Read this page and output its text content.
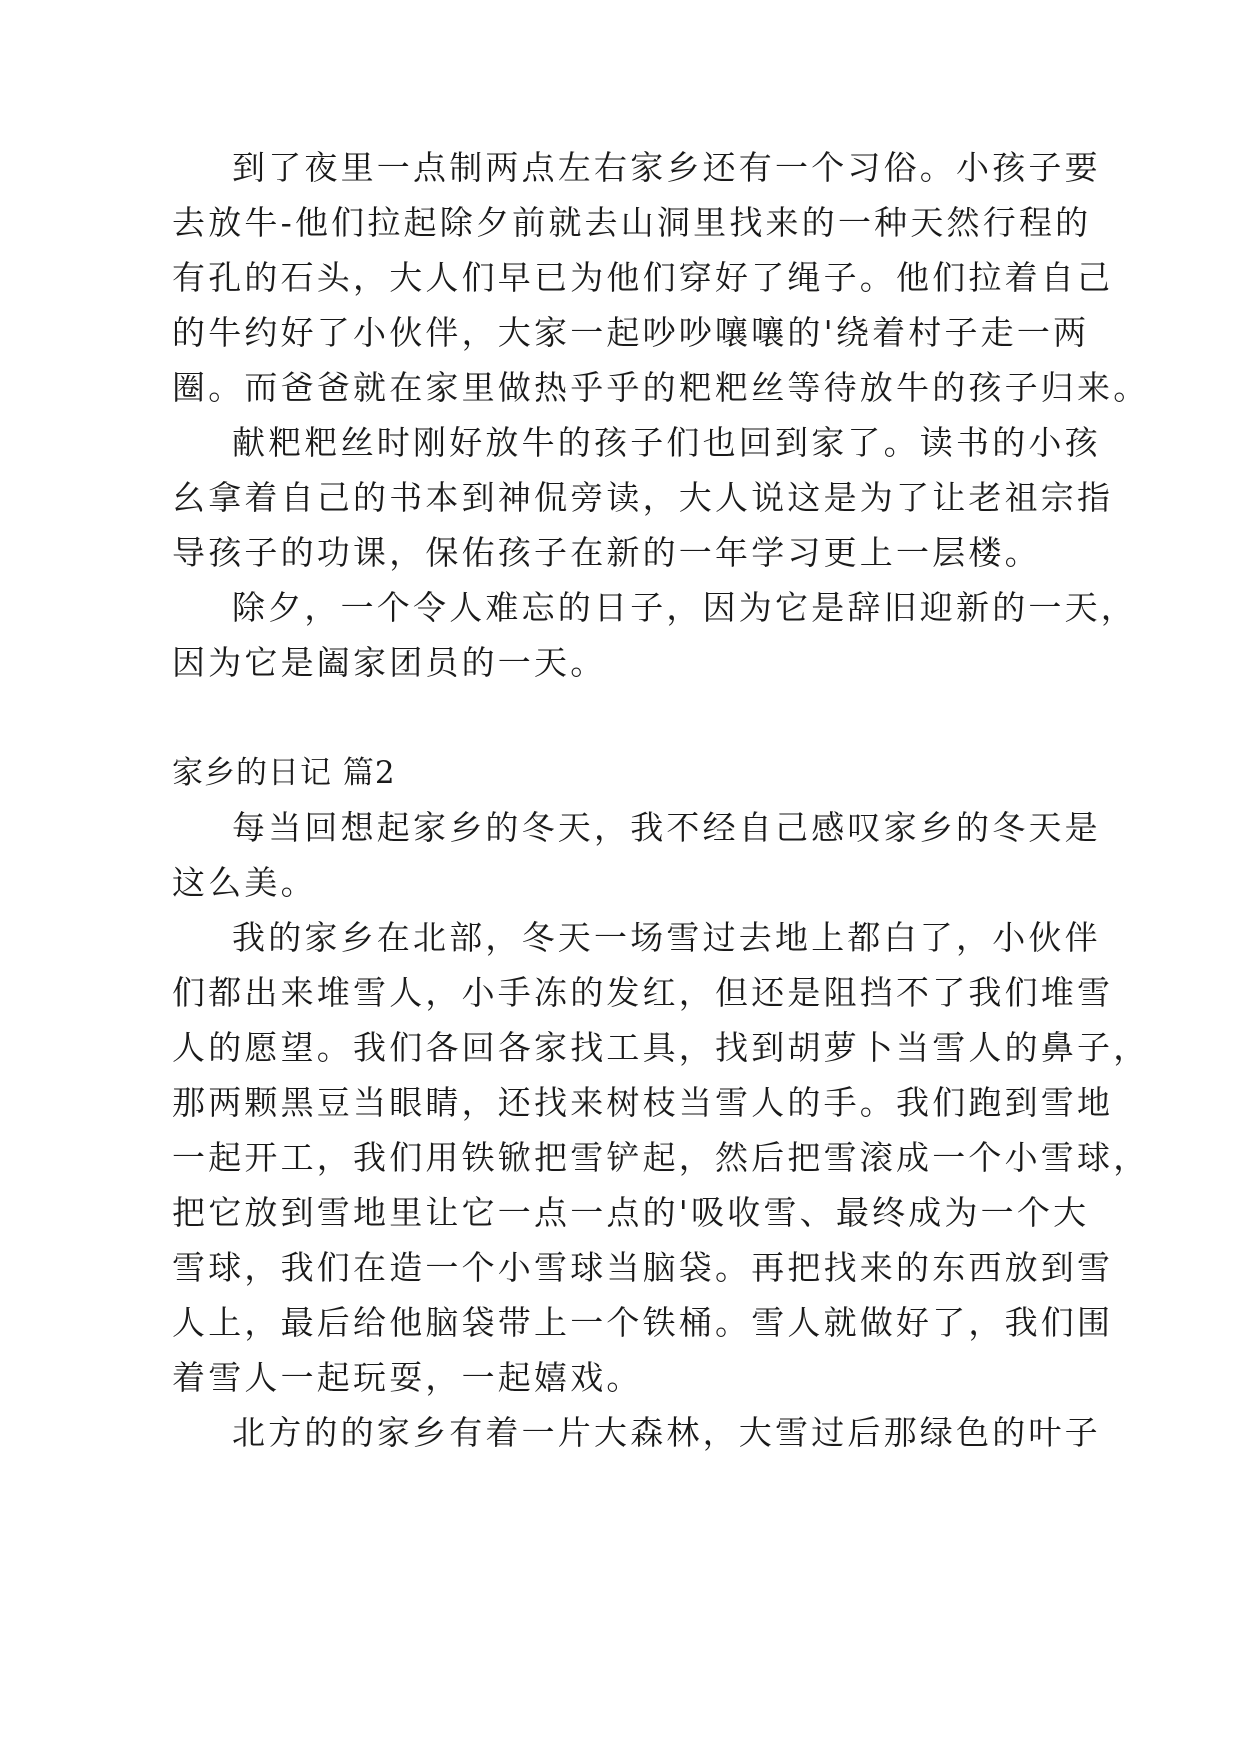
到了夜里一点制两点左右家乡还有一个习俗。小孩子要
去放牛-他们拉起除夕前就去山洞里找来的一种天然行程的
有孔的石头，大人们早已为他们穿好了绳子。他们拉着自己
的牛约好了小伙伴，大家一起吵吵嚷嚷的'绕着村子走一两
圈。而爸爸就在家里做热乎乎的粑粑丝等待放牛的孩子归来。
献粑粑丝时刚好放牛的孩子们也回到家了。读书的小孩
幺拿着自己的书本到神侃旁读，大人说这是为了让老祖宗指
导孩子的功课，保佑孩子在新的一年学习更上一层楼。
除夕，一个令人难忘的日子，因为它是辞旧迎新的一天，
因为它是阖家团员的一天。
家乡的日记 篇2
每当回想起家乡的冬天，我不经自己感叹家乡的冬天是
这么美。
我的家乡在北部，冬天一场雪过去地上都白了，小伙伴
们都出来堆雪人，小手冻的发红，但还是阻挡不了我们堆雪
人的愿望。我们各回各家找工具，找到胡萝卜当雪人的鼻子，
那两颗黑豆当眼睛，还找来树枝当雪人的手。我们跑到雪地
一起开工，我们用铁锨把雪铲起，然后把雪滚成一个小雪球，
把它放到雪地里让它一点一点的'吸收雪、最终成为一个大
雪球，我们在造一个小雪球当脑袋。再把找来的东西放到雪
人上，最后给他脑袋带上一个铁桶。雪人就做好了，我们围
着雪人一起玩耍，一起嬉戏。
北方的的家乡有着一片大森林，大雪过后那绿色的叶子
